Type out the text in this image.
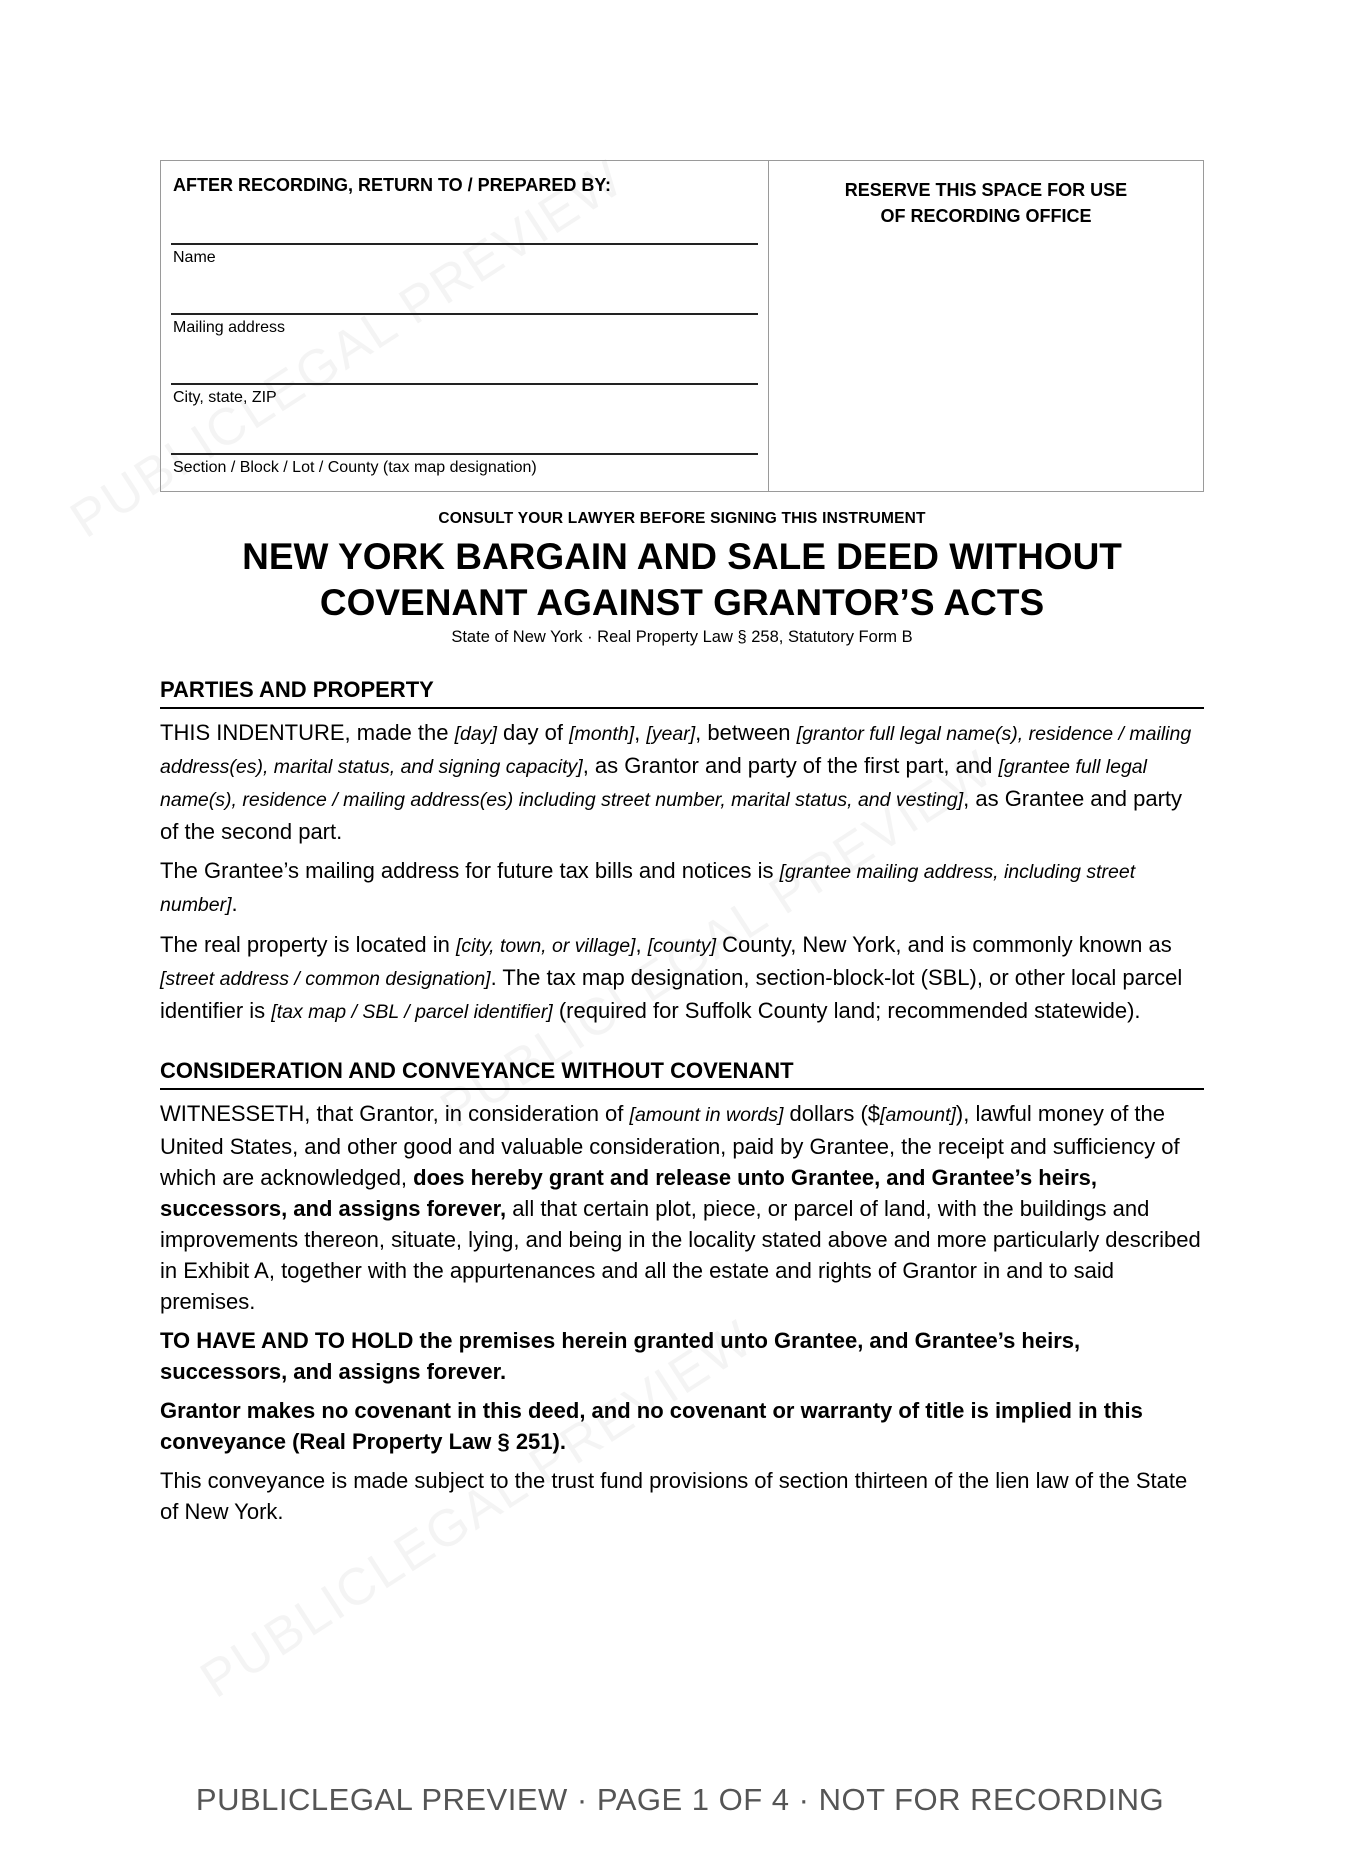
AFTER RECORDING, RETURN TO / PREPARED BY:
Name
Mailing address
City, state, ZIP
Section / Block / Lot / County (tax map designation)
RESERVE THIS SPACE FOR USE
OF RECORDING OFFICE
CONSULT YOUR LAWYER BEFORE SIGNING THIS INSTRUMENT
NEW YORK BARGAIN AND SALE DEED WITHOUT
COVENANT AGAINST GRANTOR’S ACTS
State of New York · Real Property Law § 258, Statutory Form B
PARTIES AND PROPERTY

THIS INDENTURE, made the [day] day of [month], [year], between [grantor full legal name(s), residence / mailing address(es), marital status, and signing capacity], as Grantor and party of the first part, and [grantee full legal name(s), residence / mailing address(es) including street number, marital status, and vesting], as Grantee and party of the second part.

The Grantee’s mailing address for future tax bills and notices is [grantee mailing address, including street number].

The real property is located in [city, town, or village], [county] County, New York, and is commonly known as [street address / common designation]. The tax map designation, section-block-lot (SBL), or other local parcel identifier is [tax map / SBL / parcel identifier] (required for Suffolk County land; recommended statewide).

CONSIDERATION AND CONVEYANCE WITHOUT COVENANT

WITNESSETH, that Grantor, in consideration of [amount in words] dollars ($[amount]), lawful money of the United States, and other good and valuable consideration, paid by Grantee, the receipt and sufficiency of which are acknowledged, does hereby grant and release unto Grantee, and Grantee’s heirs, successors, and assigns forever, all that certain plot, piece, or parcel of land, with the buildings and improvements thereon, situate, lying, and being in the locality stated above and more particularly described in Exhibit A, together with the appurtenances and all the estate and rights of Grantor in and to said premises.

TO HAVE AND TO HOLD the premises herein granted unto Grantee, and Grantee’s heirs, successors, and assigns forever.

Grantor makes no covenant in this deed, and no covenant or warranty of title is implied in this conveyance (Real Property Law § 251).

This conveyance is made subject to the trust fund provisions of section thirteen of the lien law of the State of New York.

PUBLICLEGAL PREVIEW · PAGE 1 OF 4 · NOT FOR RECORDING
